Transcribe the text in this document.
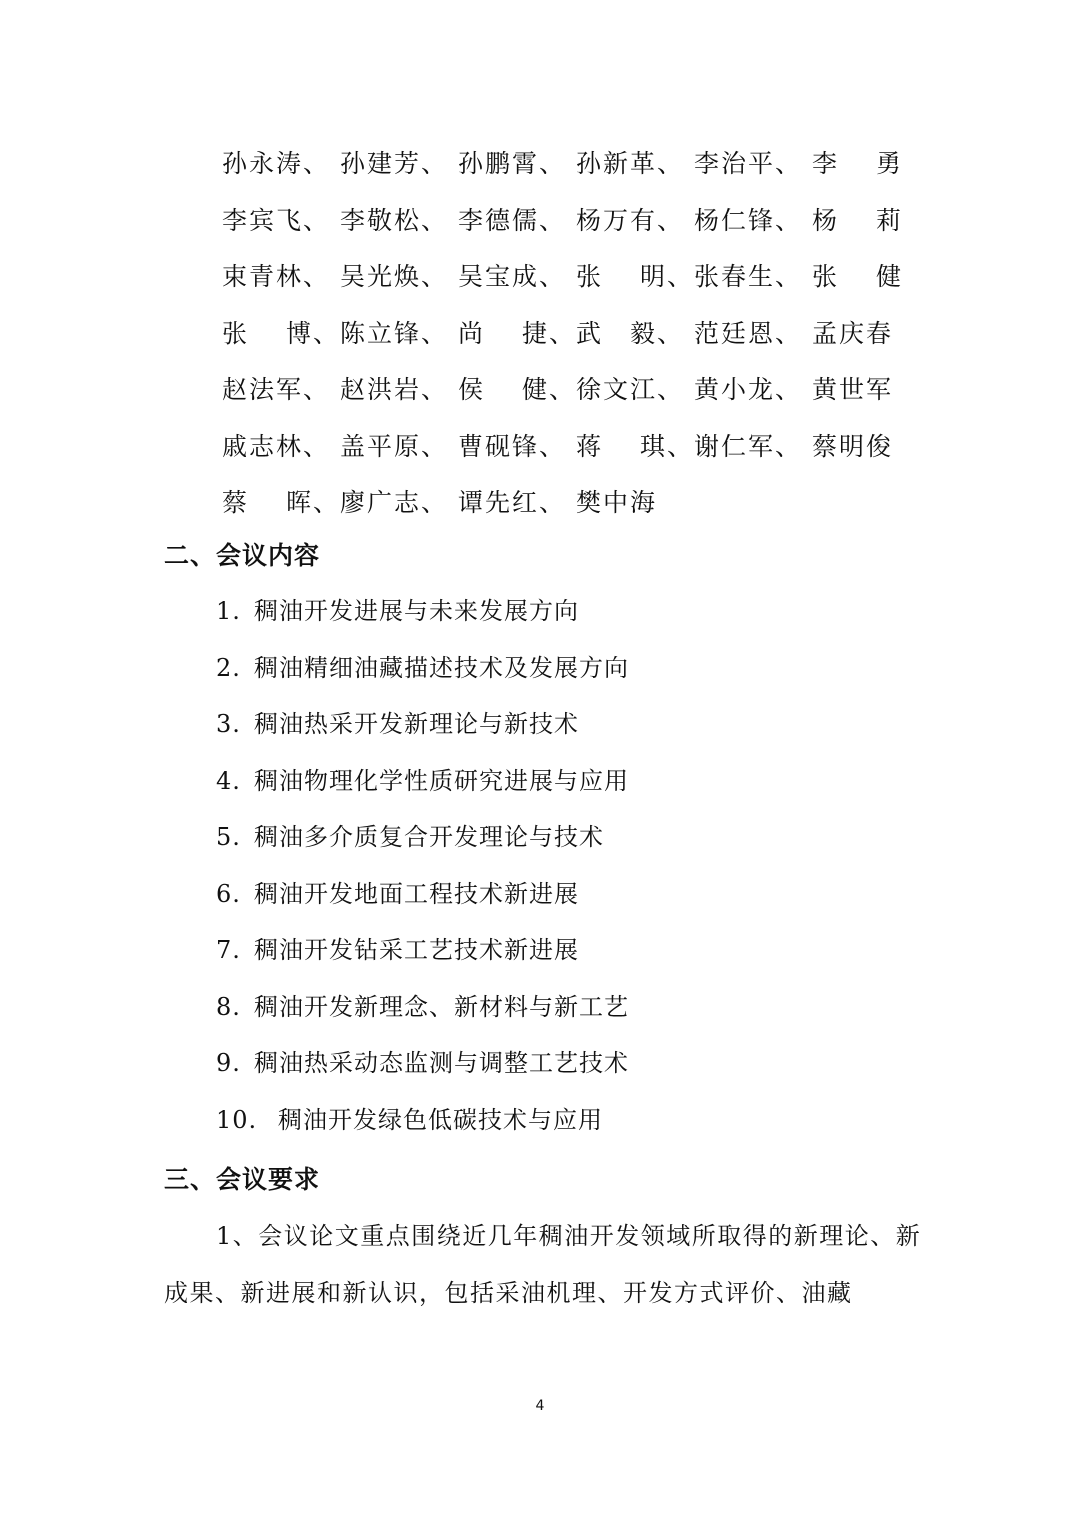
孙永涛、 孙建芳、 孙鹏霄、 孙新革、 李治平、 李　 勇
李宾飞、 李敬松、 李德儒、 杨万有、 杨仁锋、 杨　 莉
束青林、 吴光焕、 吴宝成、 张　 明、 张春生、 张　 健
张　 博、 陈立锋、 尚　 捷、 武　毅、 范廷恩、 孟庆春
赵法军、 赵洪岩、 侯　 健、 徐文江、 黄小龙、 黄世军
戚志林、 盖平原、 曹砚锋、 蒋　 琪、 谢仁军、 蔡明俊
蔡　 晖、 廖广志、 谭先红、 樊中海
二、会议内容
1. 稠油开发进展与未来发展方向
2. 稠油精细油藏描述技术及发展方向
3. 稠油热采开发新理论与新技术
4. 稠油物理化学性质研究进展与应用
5. 稠油多介质复合开发理论与技术
6. 稠油开发地面工程技术新进展
7. 稠油开发钻采工艺技术新进展
8. 稠油开发新理念、新材料与新工艺
9. 稠油热采动态监测与调整工艺技术
10. 稠油开发绿色低碳技术与应用
三、会议要求
1、会议论文重点围绕近几年稠油开发领域所取得的新理论、新成果、新进展和新认识，包括采油机理、开发方式评价、油藏
4
